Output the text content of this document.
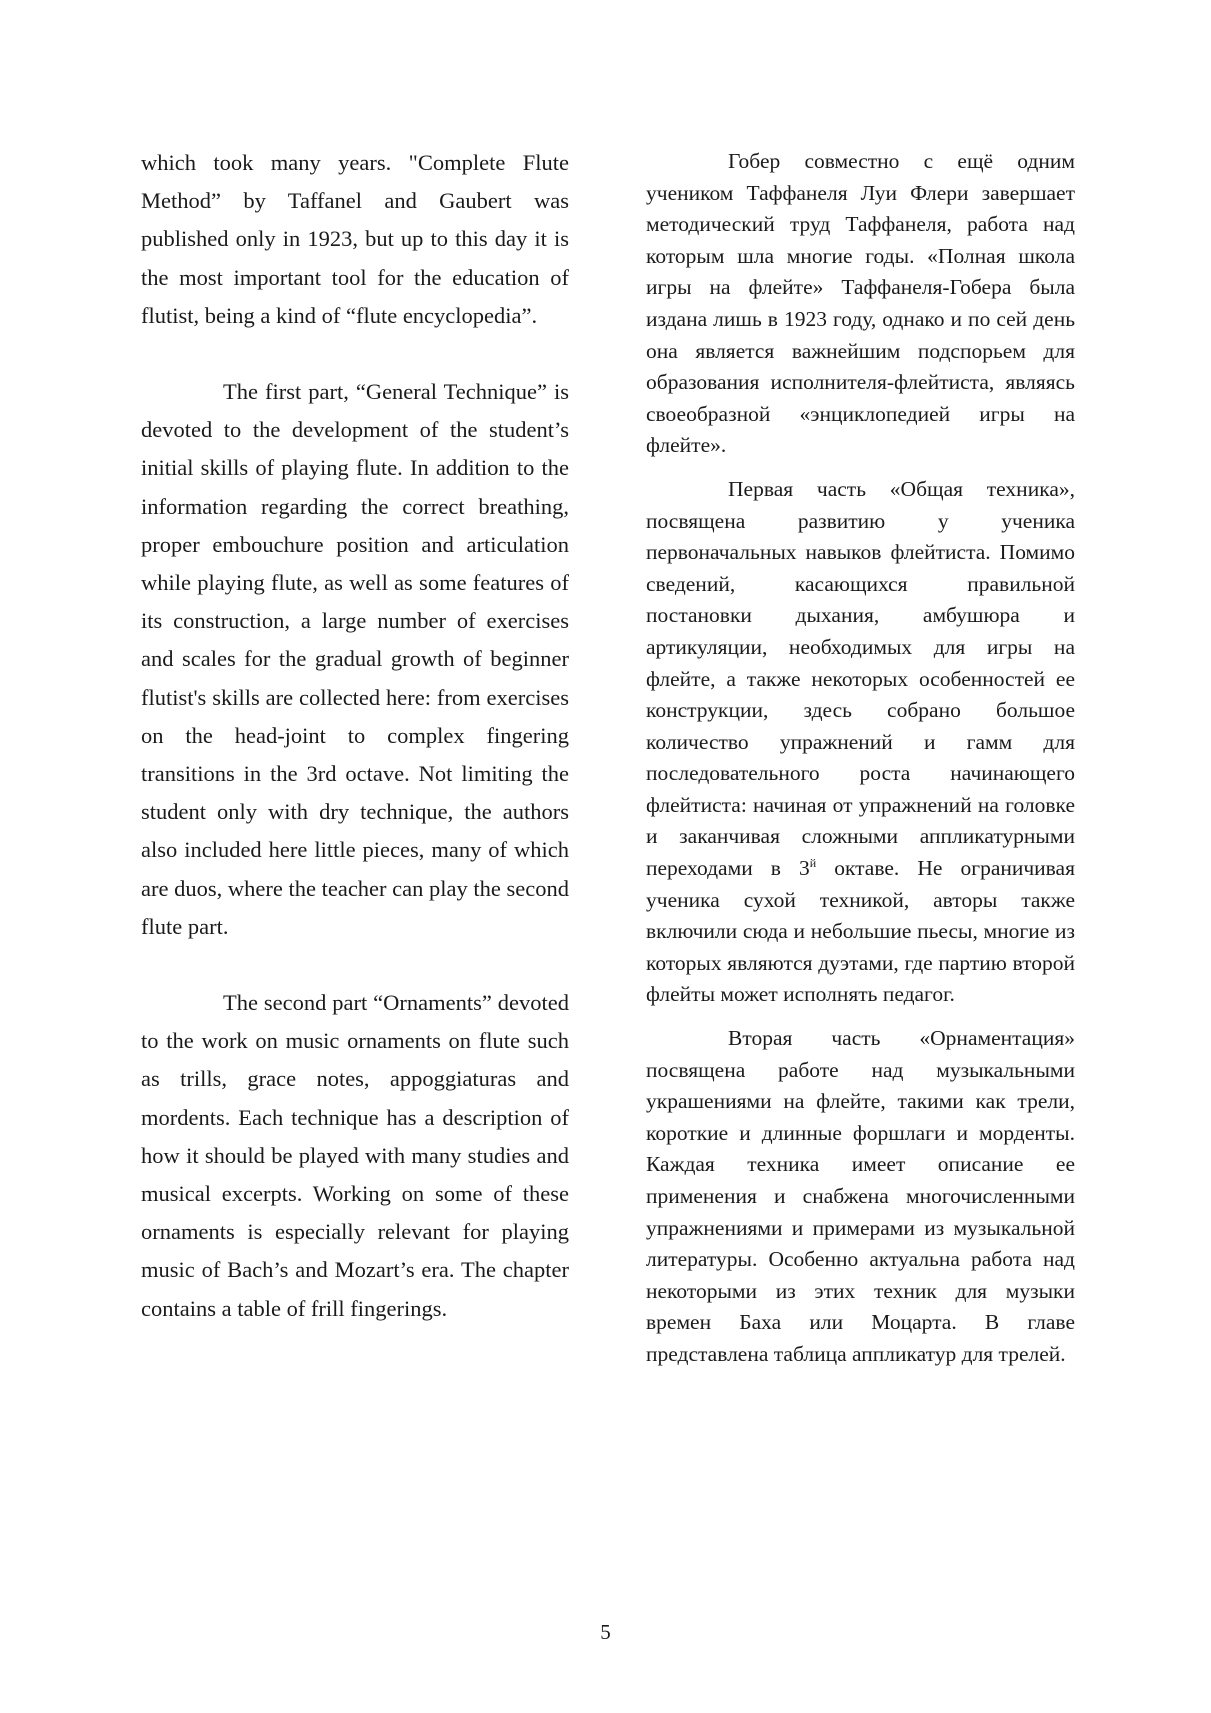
which took many years. "Complete Flute Method” by Taffanel and Gaubert was published only in 1923, but up to this day it is the most important tool for the education of flutist, being a kind of “flute encyclopedia”.

The first part, “General Technique” is devoted to the development of the student’s initial skills of playing flute. In addition to the information regarding the correct breathing, proper embouchure position and articulation while playing flute, as well as some features of its construction, a large number of exercises and scales for the gradual growth of beginner flutist's skills are collected here: from exercises on the head-joint to complex fingering transitions in the 3rd octave. Not limiting the student only with dry technique, the authors also included here little pieces, many of which are duos, where the teacher can play the second flute part.

The second part “Ornaments” devoted to the work on music ornaments on flute such as trills, grace notes, appoggiaturas and mordents. Each technique has a description of how it should be played with many studies and musical excerpts. Working on some of these ornaments is especially relevant for playing music of Bach’s and Mozart’s era. The chapter contains a table of frill fingerings.

Гобер совместно с ещё одним учеником Таффанеля Луи Флери завершает методический труд Таффанеля, работа над которым шла многие годы. «Полная школа игры на флейте» Таффанеля-Гобера была издана лишь в 1923 году, однако и по сей день она является важнейшим подспорьем для образования исполнителя-флейтиста, являясь своеобразной «энциклопедией игры на флейте».

Первая часть «Общая техника», посвящена развитию у ученика первоначальных навыков флейтиста. Помимо сведений, касающихся правильной постановки дыхания, амбушюра и артикуляции, необходимых для игры на флейте, а также некоторых особенностей ее конструкции, здесь собрано большое количество упражнений и гамм для последовательного роста начинающего флейтиста: начиная от упражнений на головке и заканчивая сложными аппликатурными переходами в $3^й$ октаве. Не ограничивая ученика сухой техникой, авторы также включили сюда и небольшие пьесы, многие из которых являются дуэтами, где партию второй флейты может исполнять педагог.

Вторая часть «Орнаментация» посвящена работе над музыкальными украшениями на флейте, такими как трели, короткие и длинные форшлаги и морденты. Каждая техника имеет описание ее применения и снабжена многочисленными упражнениями и примерами из музыкальной литературы. Особенно актуальна работа над некоторыми из этих техник для музыки времен Баха или Моцарта. В главе представлена таблица аппликатур для трелей.

5
